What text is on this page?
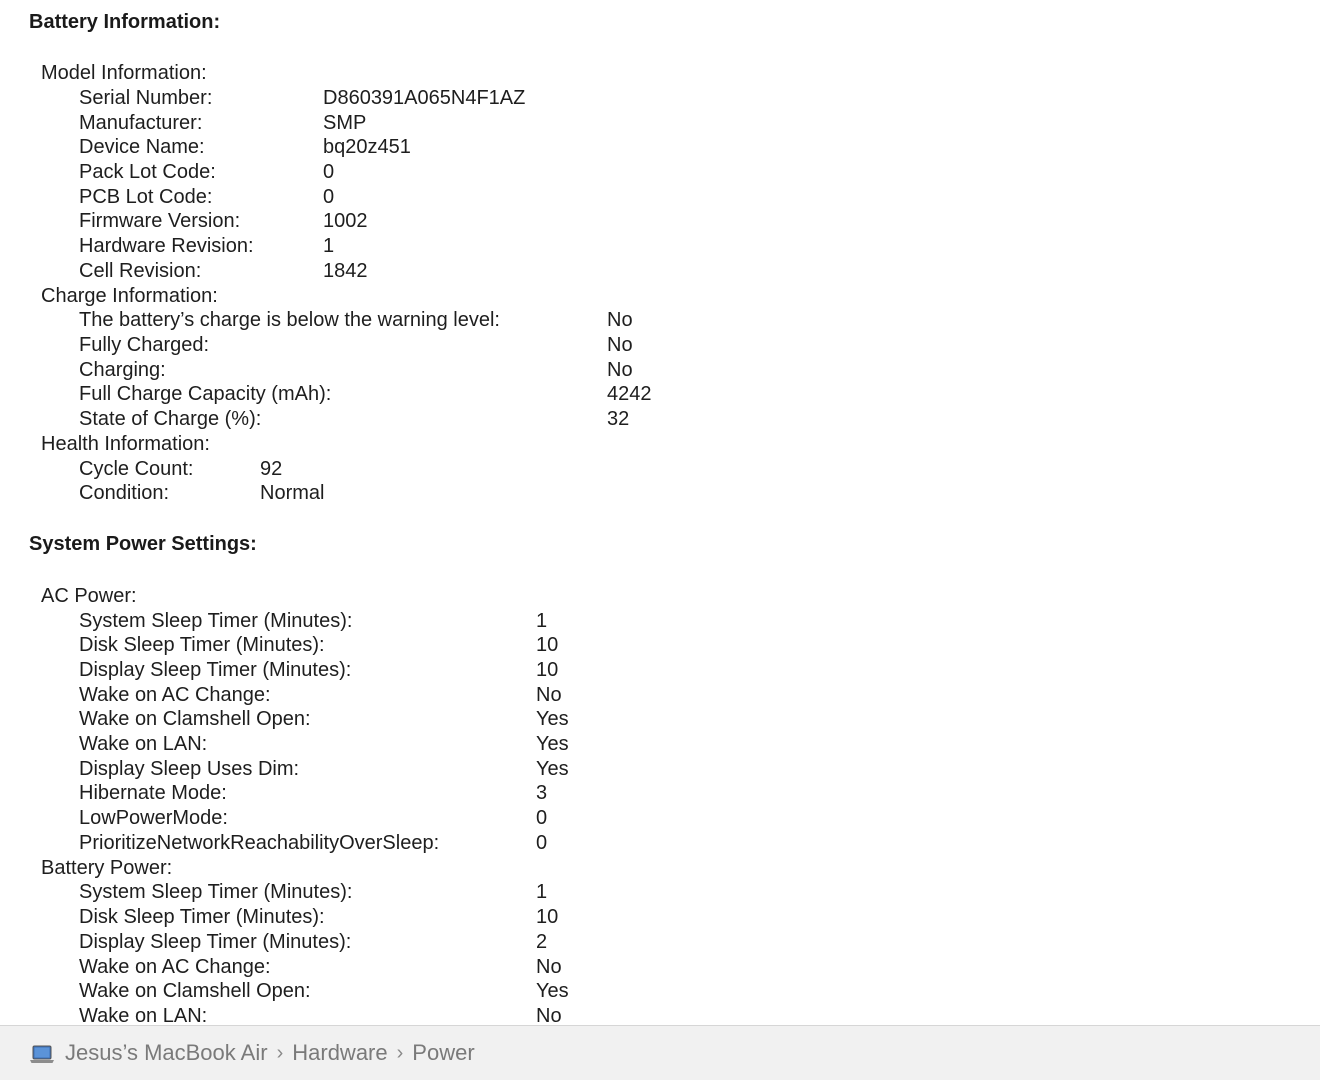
Battery Information:
Model Information:
Serial Number:	D860391A065N4F1AZ
Manufacturer:	SMP
Device Name:	bq20z451
Pack Lot Code:	0
PCB Lot Code:	0
Firmware Version:	1002
Hardware Revision:	1
Cell Revision:	1842
Charge Information:
The battery’s charge is below the warning level:	No
Fully Charged:	No
Charging:	No
Full Charge Capacity (mAh):	4242
State of Charge (%):	32
Health Information:
Cycle Count:	92
Condition:	Normal
System Power Settings:
AC Power:
System Sleep Timer (Minutes):	1
Disk Sleep Timer (Minutes):	10
Display Sleep Timer (Minutes):	10
Wake on AC Change:	No
Wake on Clamshell Open:	Yes
Wake on LAN:	Yes
Display Sleep Uses Dim:	Yes
Hibernate Mode:	3
LowPowerMode:	0
PrioritizeNetworkReachabilityOverSleep:	0
Battery Power:
System Sleep Timer (Minutes):	1
Disk Sleep Timer (Minutes):	10
Display Sleep Timer (Minutes):	2
Wake on AC Change:	No
Wake on Clamshell Open:	Yes
Wake on LAN:	No
Jesus’s MacBook Air › Hardware › Power
